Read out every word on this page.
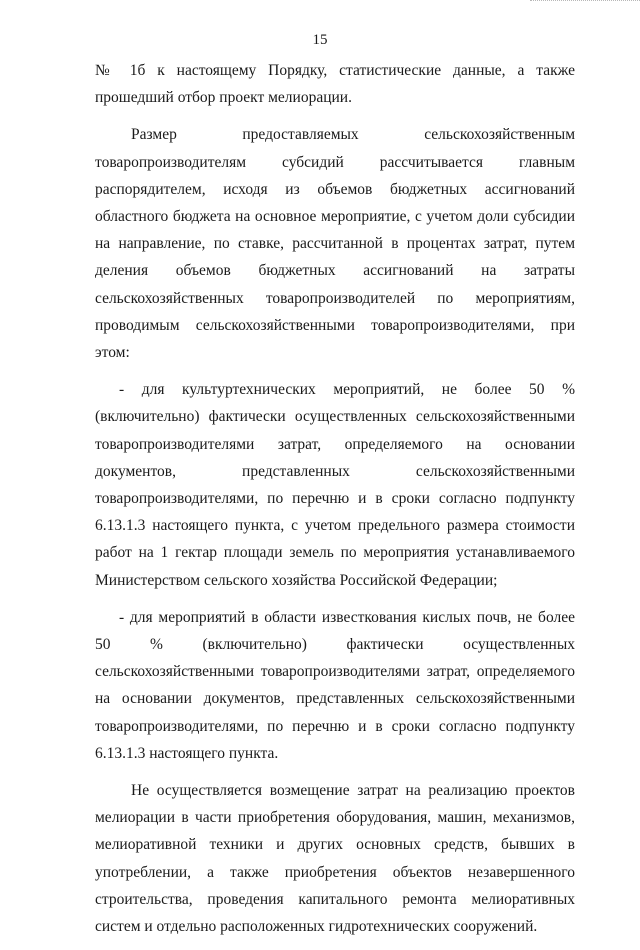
15

№ 1б к настоящему Порядку, статистические данные, а также прошедший отбор проект мелиорации.

Размер предоставляемых сельскохозяйственным товаропроизводителям субсидий рассчитывается главным распорядителем, исходя из объемов бюджетных ассигнований областного бюджета на основное мероприятие, с учетом доли субсидии на направление, по ставке, рассчитанной в процентах затрат, путем деления объемов бюджетных ассигнований на затраты сельскохозяйственных товаропроизводителей по мероприятиям, проводимым сельскохозяйственными товаропроизводителями, при этом:

- для культуртехнических мероприятий, не более 50 % (включительно) фактически осуществленных сельскохозяйственными товаропроизводителями затрат, определяемого на основании документов, представленных сельскохозяйственными товаропроизводителями, по перечню и в сроки согласно подпункту 6.13.1.3 настоящего пункта, с учетом предельного размера стоимости работ на 1 гектар площади земель по мероприятия устанавливаемого Министерством сельского хозяйства Российской Федерации;

- для мероприятий в области известкования кислых почв, не более 50 % (включительно) фактически осуществленных сельскохозяйственными товаропроизводителями затрат, определяемого на основании документов, представленных сельскохозяйственными товаропроизводителями, по перечню и в сроки согласно подпункту 6.13.1.3 настоящего пункта.

Не осуществляется возмещение затрат на реализацию проектов мелиорации в части приобретения оборудования, машин, механизмов, мелиоративной техники и других основных средств, бывших в употреблении, а также приобретения объектов незавершенного строительства, проведения капитального ремонта мелиоративных систем и отдельно расположенных гидротехнических сооружений.
